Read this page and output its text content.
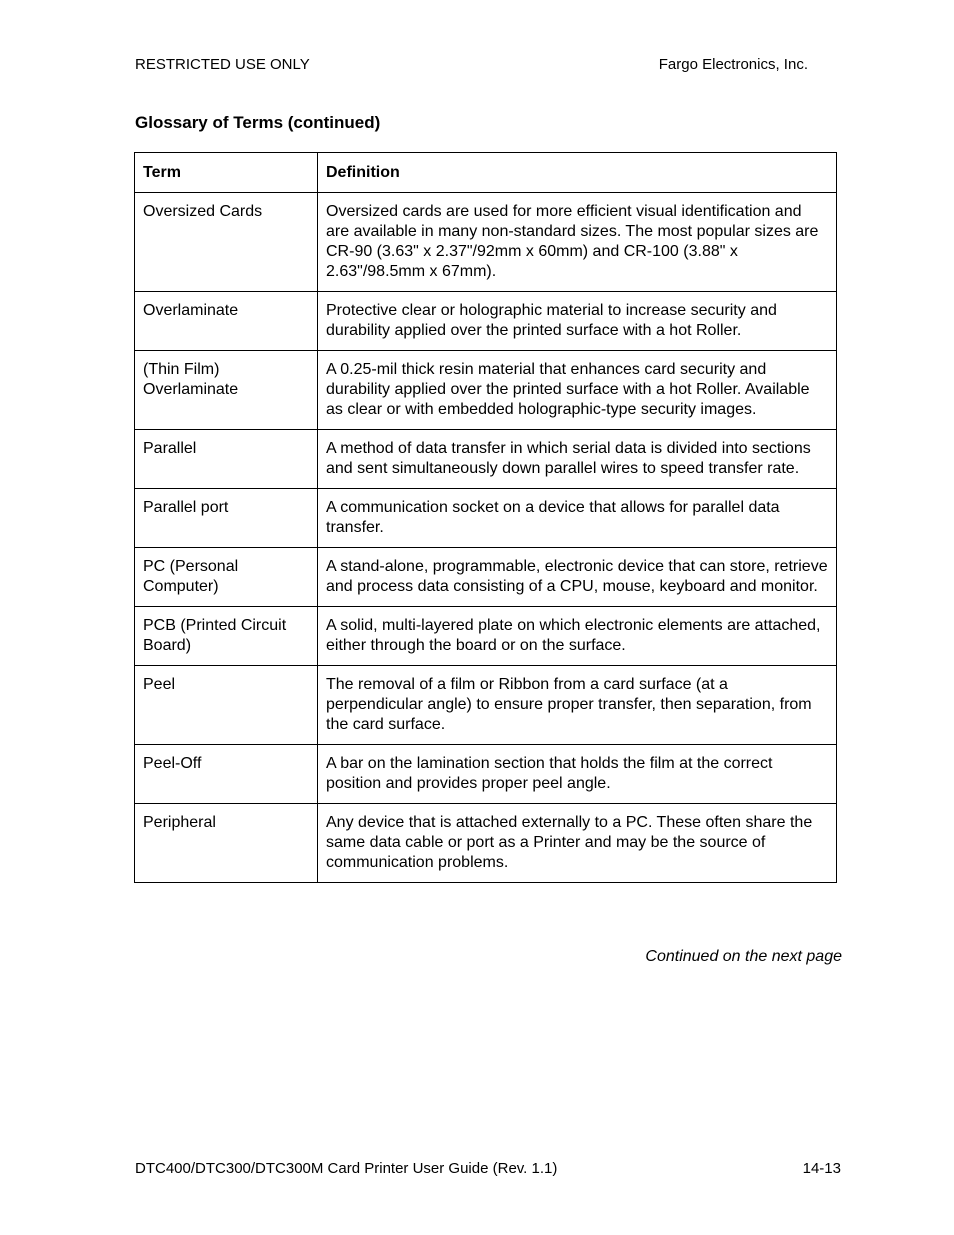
RESTRICTED USE ONLY	Fargo Electronics, Inc.
Glossary of Terms (continued)
Term	Definition
Oversized Cards	Oversized cards are used for more efficient visual identification and are available in many non-standard sizes. The most popular sizes are CR-90 (3.63" x 2.37"/92mm x 60mm) and CR-100 (3.88" x 2.63"/98.5mm x 67mm).
Overlaminate	Protective clear or holographic material to increase security and durability applied over the printed surface with a hot Roller.
(Thin Film) Overlaminate	A 0.25-mil thick resin material that enhances card security and durability applied over the printed surface with a hot Roller. Available as clear or with embedded holographic-type security images.
Parallel	A method of data transfer in which serial data is divided into sections and sent simultaneously down parallel wires to speed transfer rate.
Parallel port	A communication socket on a device that allows for parallel data transfer.
PC (Personal Computer)	A stand-alone, programmable, electronic device that can store, retrieve and process data consisting of a CPU, mouse, keyboard and monitor.
PCB (Printed Circuit Board)	A solid, multi-layered plate on which electronic elements are attached, either through the board or on the surface.
Peel	The removal of a film or Ribbon from a card surface (at a perpendicular angle) to ensure proper transfer, then separation, from the card surface.
Peel-Off	A bar on the lamination section that holds the film at the correct position and provides proper peel angle.
Peripheral	Any device that is attached externally to a PC. These often share the same data cable or port as a Printer and may be the source of communication problems.
Continued on the next page
DTC400/DTC300/DTC300M Card Printer User Guide (Rev. 1.1)	14-13
